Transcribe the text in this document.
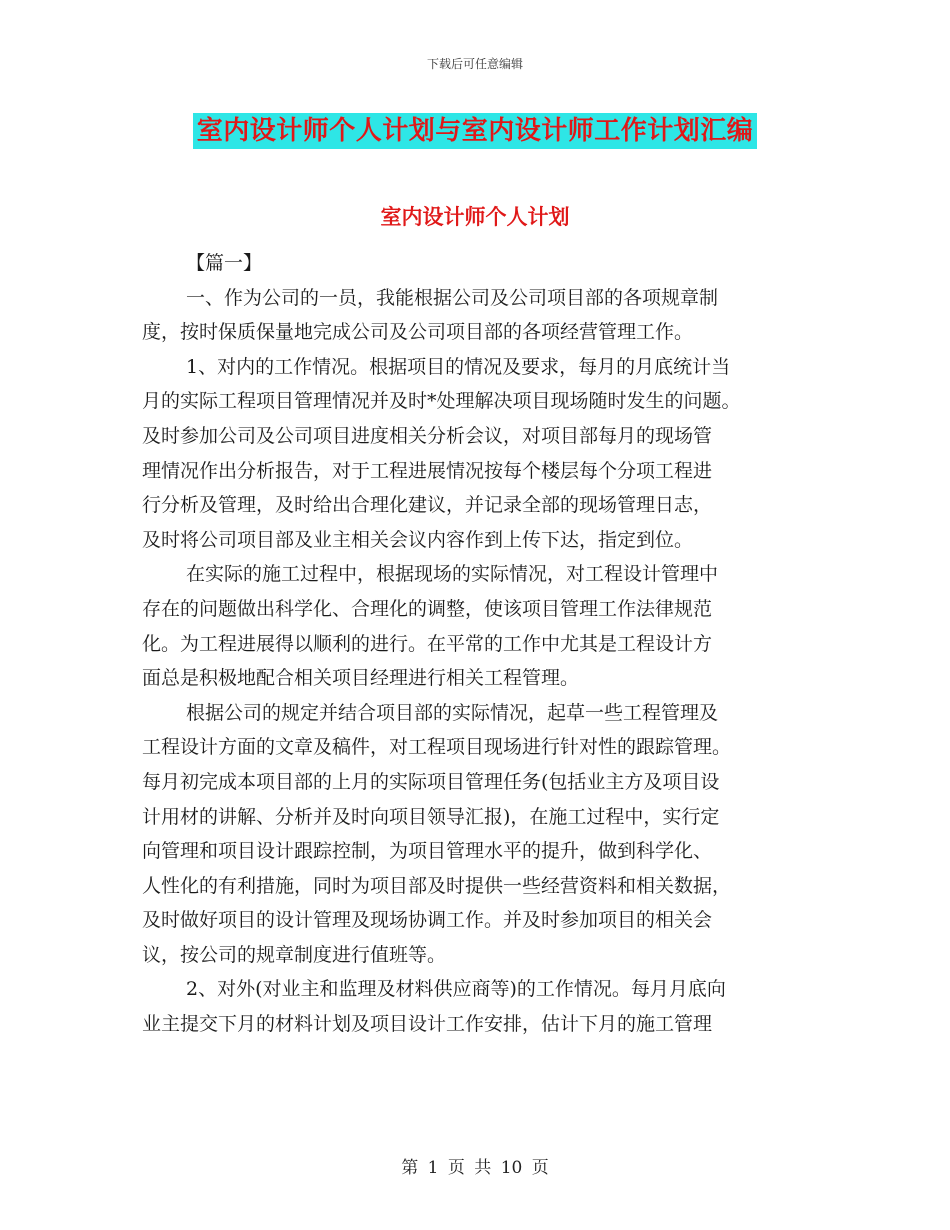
下载后可任意编辑
室内设计师个人计划与室内设计师工作计划汇编
室内设计师个人计划
【篇一】
一、作为公司的一员，我能根据公司及公司项目部的各项规章制
度，按时保质保量地完成公司及公司项目部的各项经营管理工作。
1、对内的工作情况。根据项目的情况及要求，每月的月底统计当
月的实际工程项目管理情况并及时*处理解决项目现场随时发生的问题。
及时参加公司及公司项目进度相关分析会议，对项目部每月的现场管
理情况作出分析报告，对于工程进展情况按每个楼层每个分项工程进
行分析及管理，及时给出合理化建议，并记录全部的现场管理日志，
及时将公司项目部及业主相关会议内容作到上传下达，指定到位。
在实际的施工过程中，根据现场的实际情况，对工程设计管理中
存在的问题做出科学化、合理化的调整，使该项目管理工作法律规范
化。为工程进展得以顺利的进行。在平常的工作中尤其是工程设计方
面总是积极地配合相关项目经理进行相关工程管理。
根据公司的规定并结合项目部的实际情况，起草一些工程管理及
工程设计方面的文章及稿件，对工程项目现场进行针对性的跟踪管理。
每月初完成本项目部的上月的实际项目管理任务(包括业主方及项目设
计用材的讲解、分析并及时向项目领导汇报)，在施工过程中，实行定
向管理和项目设计跟踪控制，为项目管理水平的提升，做到科学化、
人性化的有利措施，同时为项目部及时提供一些经营资料和相关数据，
及时做好项目的设计管理及现场协调工作。并及时参加项目的相关会
议，按公司的规章制度进行值班等。
2、对外(对业主和监理及材料供应商等)的工作情况。每月月底向
业主提交下月的材料计划及项目设计工作安排，估计下月的施工管理
第 1 页 共 10 页
